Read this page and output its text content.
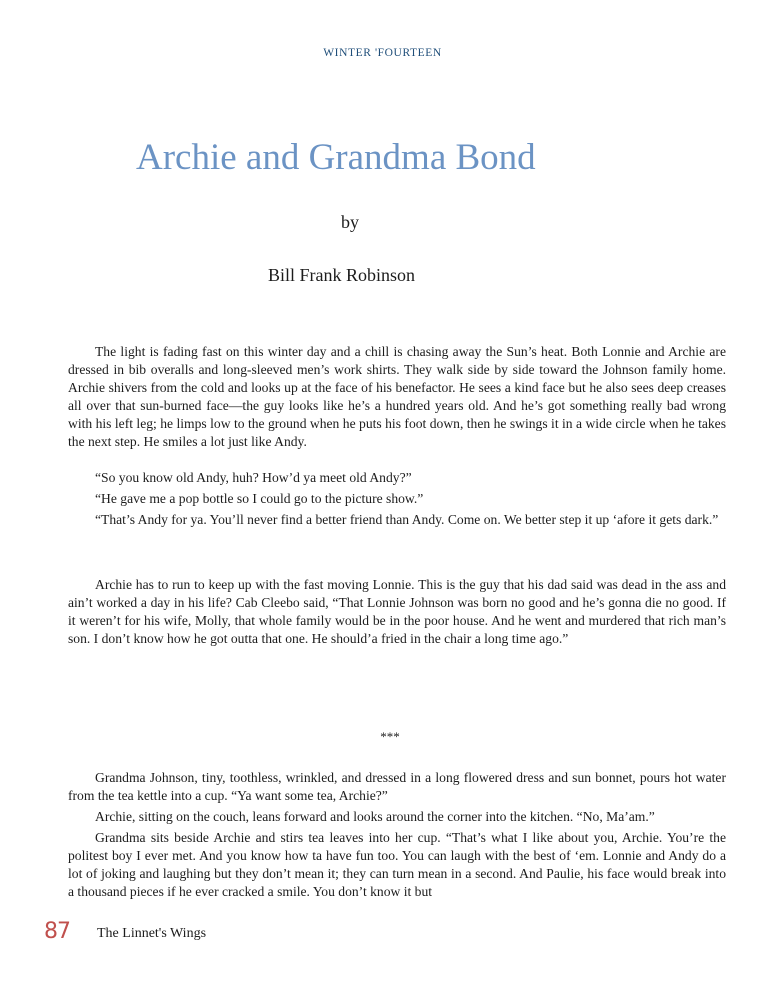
WINTER 'FOURTEEN
Archie and Grandma Bond
by
Bill Frank Robinson

The light is fading fast on this winter day and a chill is chasing away the Sun’s heat. Both Lonnie and Archie are dressed in bib overalls and long-sleeved men’s work shirts. They walk side by side toward the Johnson family home. Archie shivers from the cold and looks up at the face of his benefactor. He sees a kind face but he also sees deep creases all over that sun-burned face—the guy looks like he’s a hundred years old. And he’s got something really bad wrong with his left leg; he limps low to the ground when he puts his foot down, then he swings it in a wide circle when he takes the next step. He smiles a lot just like Andy.

“So you know old Andy, huh? How’d ya meet old Andy?”

“He gave me a pop bottle so I could go to the picture show.”

“That’s Andy for ya. You’ll never find a better friend than Andy. Come on. We better step it up ‘afore it gets dark.”

Archie has to run to keep up with the fast moving Lonnie. This is the guy that his dad said was dead in the ass and ain’t worked a day in his life? Cab Cleebo said, “That Lonnie Johnson was born no good and he’s gonna die no good. If it weren’t for his wife, Molly, that whole family would be in the poor house. And he went and murdered that rich man’s son. I don’t know how he got outta that one. He should’a fried in the chair a long time ago.”

***

Grandma Johnson, tiny, toothless, wrinkled, and dressed in a long flowered dress and sun bonnet, pours hot water from the tea kettle into a cup. “Ya want some tea, Archie?”

Archie, sitting on the couch, leans forward and looks around the corner into the kitchen. “No, Ma’am.”

Grandma sits beside Archie and stirs tea leaves into her cup. “That’s what I like about you, Archie. You’re the politest boy I ever met. And you know how ta have fun too. You can laugh with the best of ‘em. Lonnie and Andy do a lot of joking and laughing but they don’t mean it; they can turn mean in a second. And Paulie, his face would break into a thousand pieces if he ever cracked a smile. You don’t know it but

87 The Linnet's Wings
